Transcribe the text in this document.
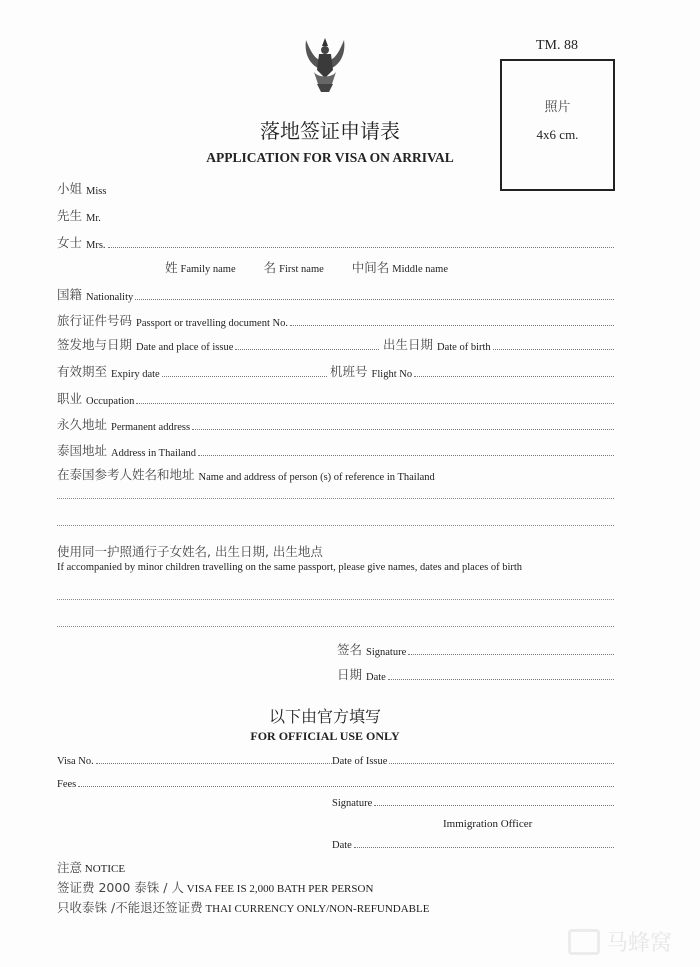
TM. 88
照片
4x6 cm.
落地签证申请表
APPLICATION FOR VISA ON ARRIVAL
小姐 Miss
先生 Mr.
女士 Mrs.
姓 Family name 名 First name 中间名 Middle name
国籍 Nationality
旅行证件号码 Passport or travelling document No.
签发地与日期 Date and place of issue	出生日期 Date of birth
有效期至 Expiry date	机班号 Flight No
职业 Occupation
永久地址 Permanent address
泰国地址 Address in Thailand
在泰国参考人姓名和地址 Name and address of person (s) of reference in Thailand
使用同一护照通行子女姓名, 出生日期, 出生地点
If accompanied by minor children travelling on the same passport, please give names, dates and places of birth
签名 Signature
日期 Date
以下由官方填写
FOR OFFICIAL USE ONLY
Visa No.	Date of Issue
Fees
Signature
Immigration Officer
Date
注意 NOTICE
签证费 2000 泰铢 / 人 VISA FEE IS 2,000 BATH PER PERSON
只收泰铢 /不能退还签证费 THAI CURRENCY ONLY/NON-REFUNDABLE
马蜂窝
